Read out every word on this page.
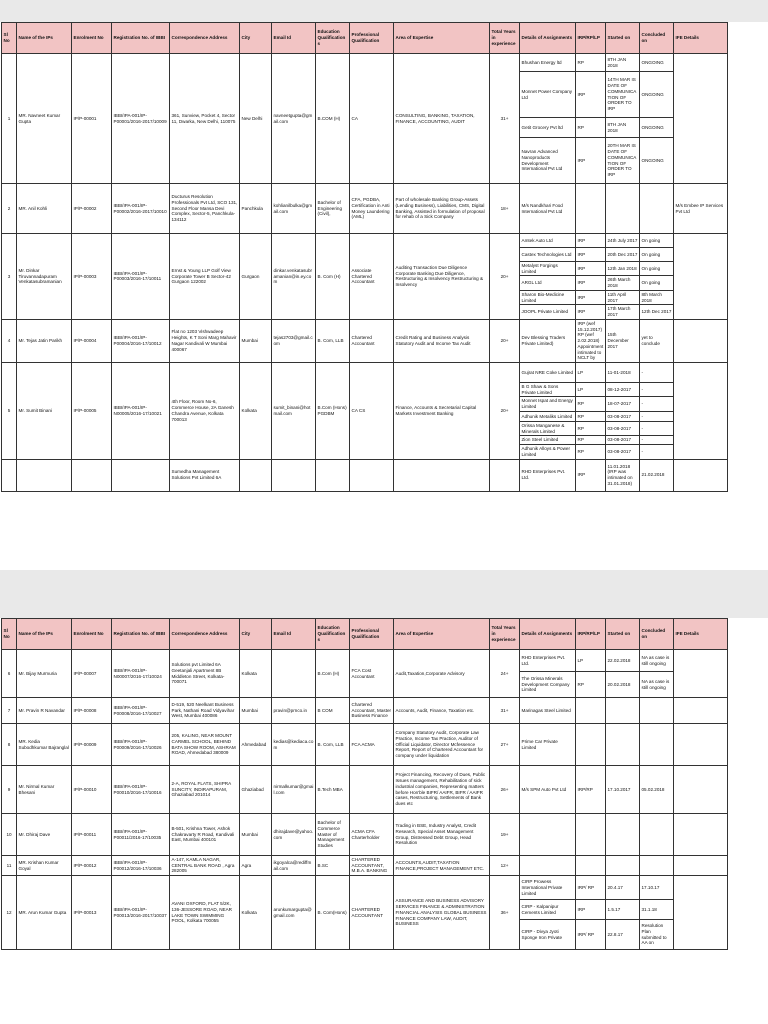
Sl No	Name of the IPs	Enrolment No	Registration No. of IBBI	Correspondence Address	City	Email Id	Education Qualification s	Professional Qualification	Area of Expertise	Total Years in experience	Details of Assignments	IRP/RP/LP	Started on	Concluded on	IFE Details
1	MR. Navneet Kumar Gupta	IP/P-00001	IBBI/IPA-001/IP-P00001/2016-2017/10009	361, Sunview, Pocket 4, Sector 11, Dwarka, New Delhi, 110075	New Delhi	navneetgupta@gmail.com	B.COM (H)	CA	CONSULTING, BANKING, TAXATION, FINANCE, ACCOUNTING, AUDIT	31+	Bhushan Energy ltd	RP	8TH JAN 2018	ONGOING	
											Monnet Power Company Ltd	IRP	14TH MAR IS DATE OF COMMUNICATION OF ORDER TO IRP	ONGOING	
											Getit Grocery Pvt ltd	RP	8TH JAN 2018	ONGOING	
											Navran Advanced Nanoproducts Development International Pvt Ltd	IRP	20TH MAR IS DATE OF COMMUNICATION OF ORDER TO IRP	ONGOING	
2	MR. Anil Kohli	IP/P-00002	IBBI/IPA-001/IP-P00002/2016-2017/10010	Ducturus Resolution Professionals Pvt Ltd, SCO 131, Second Floor Mansa Devi Complex, Sector-5, Panchkula-134112	Panchkula	kohlianilbulka@gmail.com	Bachelor of Engineering (Civil),	CFA, PGDBA, Certification in Anti Money Laundering (AML)	Part of wholesale Banking Group-Assets (Lending Business), Liabilities, CMS, Digital Banking, Assisted in formulation of proposal for rehab of a Sick Company	18+	M/s Nandkhari Food International Pvt Ltd				M/s Embee IP Services Pvt Ltd
3	Mr. Dinkar Tiruvannadapuram Venkatasubramanian	IP/P-00003	IBBI/IPA-001/IP-P00003/2016-17/10011	Ernst & Young LLP Golf View Corporate Tower B Sector-42 Gurgaon 122002	Gurgaon	dinkar.venkatasubramanian@in.ey.com	B. Com (H)	Associate Chartered Accountant	Auditing Transaction Due Diligence Corporate Banking Due Diligence, Restructuring & Insolvency Restructuring & Insolvency	20+	Amtek Auto Ltd	IRP	24th July 2017	On going	
											Castex Technologies Ltd	IRP	20th Dec 2017	On going	
											Metalyst Forgings Limited	IRP	12th Jan 2018	On going	
											ARGL Ltd	IRP	26th March 2018	On going	
											Sharon Bio-Medicine Limited	IRP	11th April 2017	8th March 2018	
											JOOPL Private Limited	IRP	17th March 2017	12th Dec 2017	
4	Mr. Tejas Jatin Parikh	IP/P-00004	IBBI/IPA-001/IP-P00004/2016-17/10012	Flat no 1203 Vishwadeep Heights, K T Soni Marg Mahavir Nagar Kandivali W Mumbai 400067	Mumbai	tejas2703@gmail.com	B. Com, LLB	Chartered Accountant	Credit Rating and Business Analysis Statutory Audit and Income Tax Audit	20+	Dev Blessing Traders Private Limited)	IRP (wef 15.12.2017) RP (wef 2.02.2018) Appointment intimated to NCLT by	15th December 2017	yet to conclude	
5	Mr. Sumit Binani	IP/P-00005	IBBI/IPA-001/IP-N00005/2016-17/10021	4th Floor, Room No-6, Commerce House, 2A Ganesh Chandra Avenue, Kolkata 700013	Kolkata	sumit_binani@hotmail.com	B.Com (Hons) PGDBM	CA CS	Finance, Accounts & Secretarial Capital Markets Investment Banking	20+	Gujrat NRE Coke Limited	LP	11-01-2018	-	
											B G Shaw & Sons Private Limited	LP	08-12-2017	-	
											Monnet Ispat and Energy Limited	RP	18-07-2017	-	
											Adhunik Metaliks Limited	RP	03-08-2017	-	
											Orissa Manganese & Minerals Limited	RP	03-08-2017	-	
											Zion Steel Limited	RP	03-08-2017	-	
											Adhunik Alloys & Power Limited	RP	03-08-2017	-	
				Sumedha Management Solutions Pvt Limited 6A							RHD Enterprises Pvt. Ltd.	IRP	11.01.2018 (IRP was intimated on 31.01.2018)	21.02.2018	
Sl No	Name of the IPs	Enrolment No	Registration No. of IBBI	Correspondence Address	City	Email Id	Education Qualification s	Professional Qualification	Area of Expertise	Total Years in experience	Details of Assignments	IRP/RP/LP	Started on	Concluded on	IFE Details
6	Mr. Bijay Murmuria	IP/P-00007	IBBI/IPA-001/IP-N00007/2016-17/10024	Solutions pvt Limited 6A Geetanjali Apartment 8B Middleton Street, Kolkata-700071	Kolkata		B.Com (H)	FCA Cost Accountant	Audit,Taxation,Corporate Advisory	24+	RHD Enterprises Pvt. Ltd.	LP	22.02.2018	NA as case is still ongoing	
											The Orissa Minerals Development Company Limited	RP	20.02.2018	NA as case is still ongoing	
7	Mr. Pravin R Navandar	IP/P-00008	IBBI/IPA-001/IP-P00008/2016-17/10027	D-519, 520 Neelkant Business Park, Nathani Road Vidyavihar West, Mumbai 400086	Mumbai	pravin@prnco.in	B COM	Chartered Accountant, Master Business Finance	Accounts, Audit, Finance, Taxation etc.	31+	Marinagas Steel Limited				
8	MR. Kedia Subodhkumar Bajranglal	IP/P-00009	IBBI/IPA-001/IP-P00009/2016-17/10026	205, KALING, NEAR MOUNT CARMEL SCHOOL, BEHIND BATA SHOW ROOM, ASHRAM ROAD, Ahmedabad 380009	Ahmedabad	kedias@kediaca.com	B. Com, LLB	FCA ACMA	Company Statutory Audit, Corporate Law Practice, Income Tax Practice, Auditor of Official Liquidator, Director Mcfessence Report, Report of Chartered Accountant for company under liquidation	27+	Prime Car Private Limited				
9	Mr. Nirmal Kumar Bhesani	IP/P-00010	IBBI/IPA-001/IP-P00010/2016-17/10016	2-A, ROYAL FLATS, SHIPRA SUNCITY, INDIRAPURAM, Ghaziabad 201014	Ghaziabad	nirmalkumar@gmail.com	B.Tech MBA		Project Financing, Recovery of Dues, Public Issues management, Rehabilitation of sick industrial companies, Representing matters before Hon'ble BIFR/ AAIFR, BIFR / AAIFR cases, Restructuring, Settlements of Bank dues etc	26+	M/s SPM Auto Pvt Ltd	IRP/RP	17.10.2017	05.02.2018	
10	Mr. Dhiraj Dave	IP/P-00011	IBBI/IPA-001/IP-P00011/2016-17/10035	B-501, Krishna Tower, Ashok Chakravarty R Road, Kandivali East, Mumbai 400101	Mumbai	dhirajdave@yahoo.com	Bachelor of Commerce Master of Management Studies	ACMA CFA Charterholder	Trading in BSE, Industry Analyst, Credit Research, Special Asset Management Group, Distressed Debt Group, Head Resolution	19+					
11	MR. Krishan Kumar Goyal	IP/P-00012	IBBI/IPA-001/IP-P00012/2016-17/10036	A-147, KAMLA NAGAR, CENTRAL BANK ROAD , Agra 282005	Agra	ikgoyalca@rediffmail.com	B.SC	CHARTERED ACCOUNTANT, M.B.A. BANKING	ACCOUNTS,AUDIT,TAXATION FINANCE,PROJECT MANAGEMENT ETC.	12+					
12	MR. Arun Kumar Gupta	IP/P-00013	IBBI/IPA-001/IP-P00013/2016-2017/10037	AVANI OXFORD, FLAT 5/2K, 136-JESSORE ROAD, NEAR LAKE TOWN SWIMMING POOL, Kolkata 700055	Kolkata	arunkumargupta@gmail.com	B. Com(Hons)	CHARTERED ACCOUNTANT	ASSURANCE AND BUSINESS ADVISORY SERVICES FINANCE & ADMINISTRATION FINANCIAL ANALYSIS GLOBAL BUSINESS FINANCE COMPANY LAW, AUDIT, BUSINESS	36+	CIRP Prowess International Private Limited	IRP/ RP	20.4.17	17.10.17	
											CIRP - Kalpanipur Cements Limited	IRP	1.5.17	31.1.18	
											CIRP - Divya Jyoti Sponge Iron Private	IRP/ RP	22.8.17	Resolution Plan submitted to AA on	
